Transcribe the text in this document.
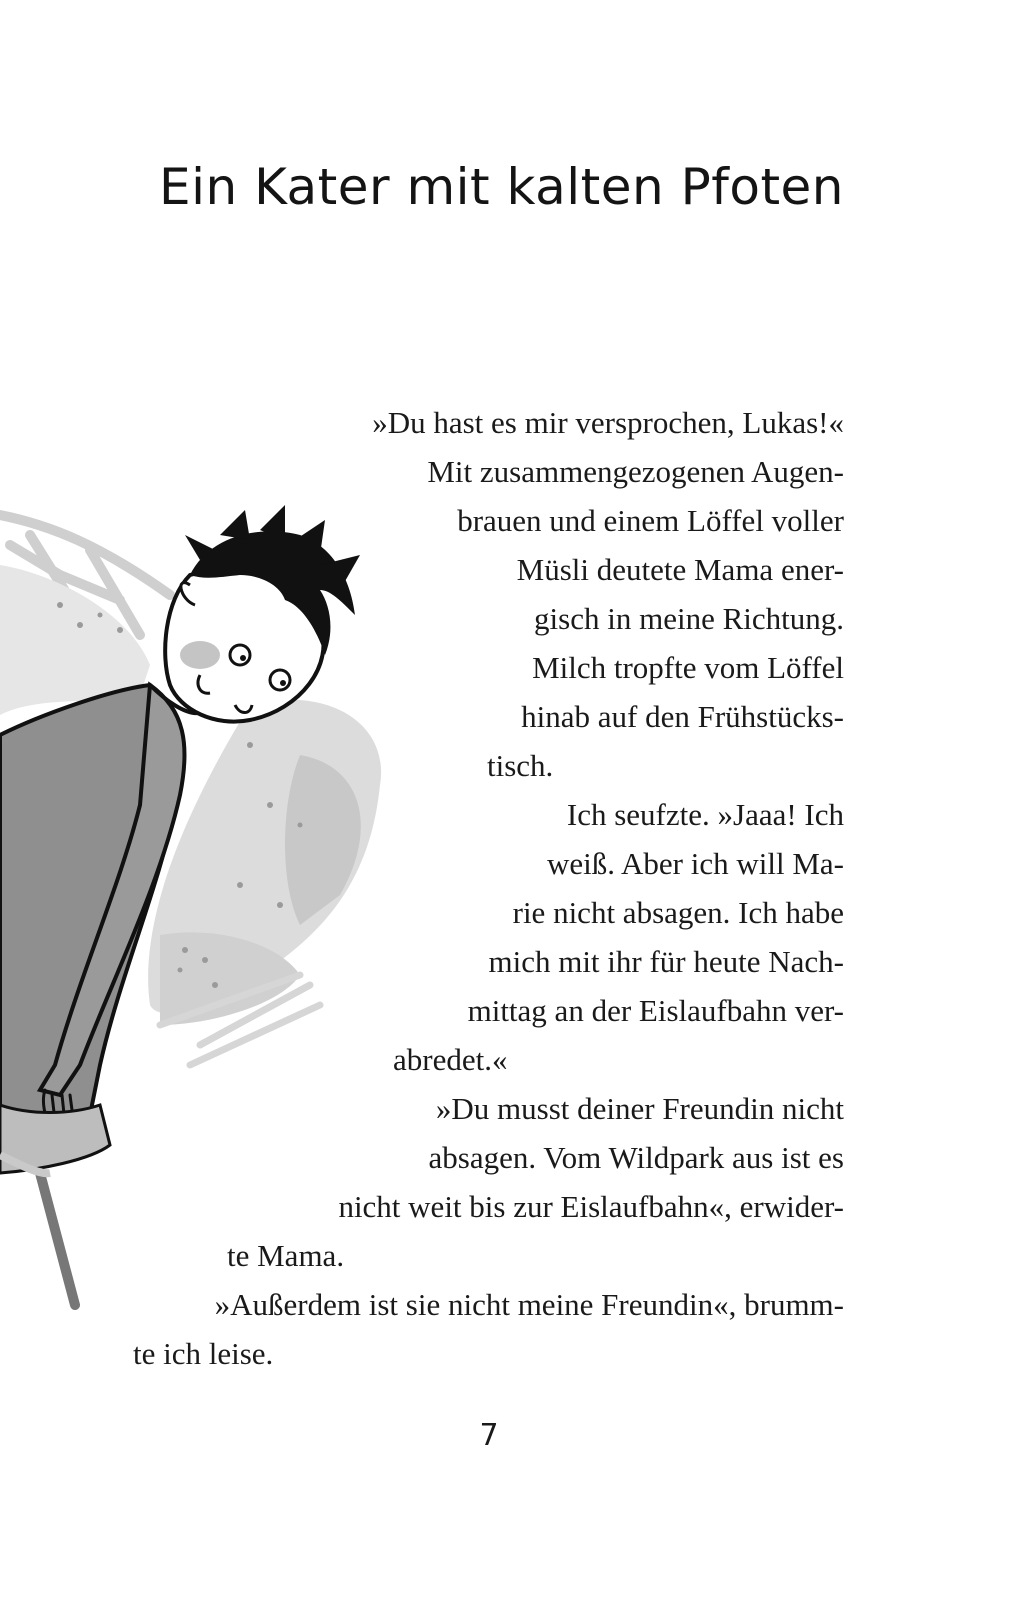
Ein Kater mit kalten Pfoten
»Du hast es mir versprochen, Lukas!«
Mit zusammengezogenen Augen-
brauen und einem Löffel voller
Müsli deutete Mama ener-
gisch in meine Richtung.
Milch tropfte vom Löffel
hinab auf den Frühstücks-
tisch.
Ich seufzte. »Jaaa! Ich
weiß. Aber ich will Ma-
rie nicht absagen. Ich habe
mich mit ihr für heute Nach-
mittag an der Eislaufbahn ver-
abredet.«
»Du musst deiner Freundin nicht
absagen. Vom Wildpark aus ist es
nicht weit bis zur Eislaufbahn«, erwider-
te Mama.
»Außerdem ist sie nicht meine Freundin«, brumm-
te ich leise.
7
